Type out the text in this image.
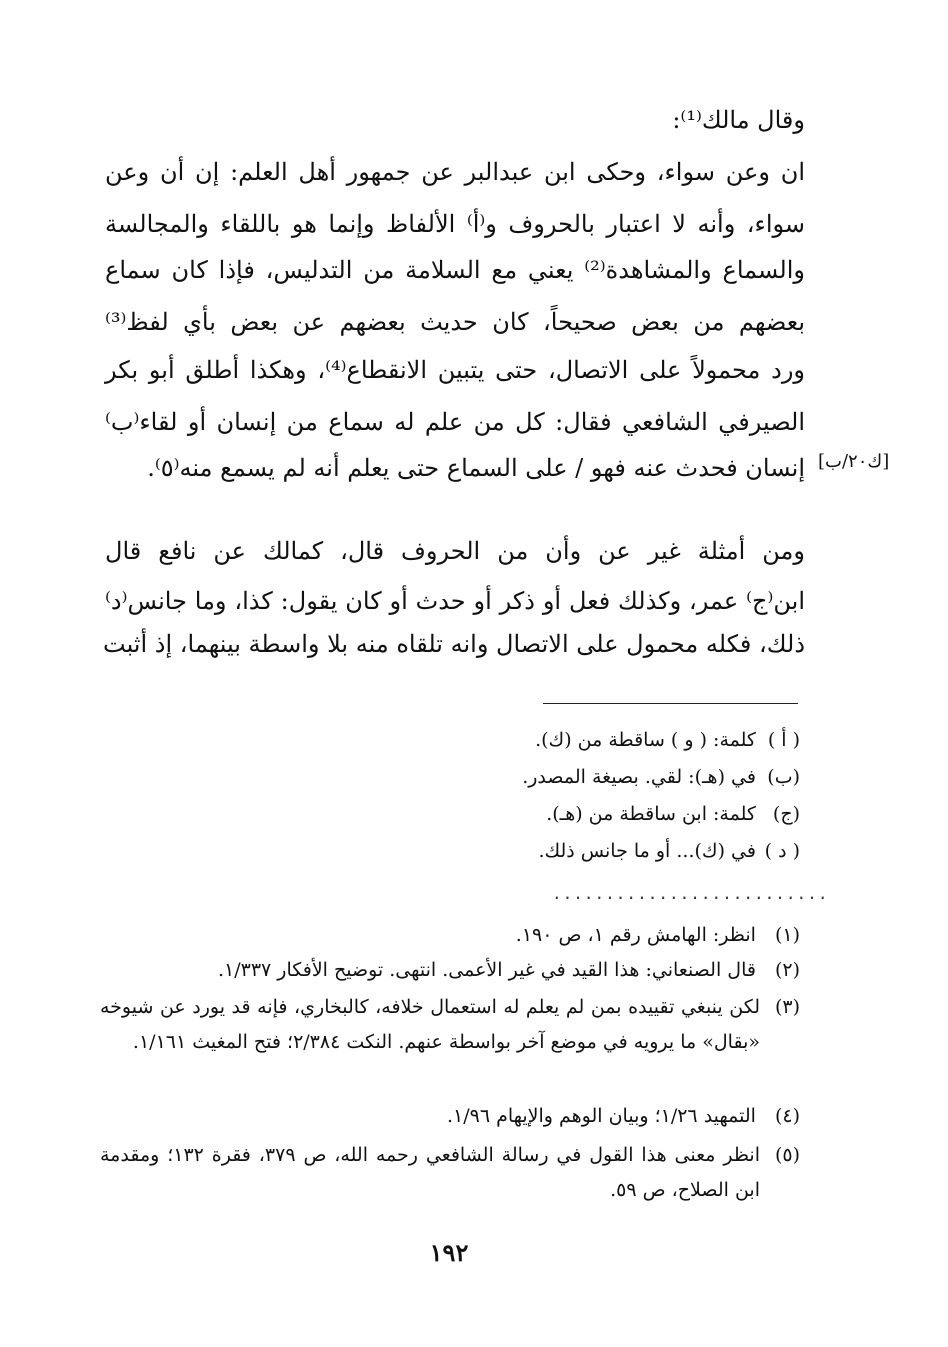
وقال مالك⁽¹⁾:
ان وعن سواء، وحكى ابن عبدالبر عن جمهور أهل العلم: إن أن وعن
سواء، وأنه لا اعتبار بالحروف و⁽أ⁾ الألفاظ وإنما هو باللقاء والمجالسة
والسماع والمشاهدة⁽²⁾ يعني مع السلامة من التدليس، فإذا كان سماع
بعضهم من بعض صحيحاً، كان حديث بعضهم عن بعض بأي لفظ⁽³⁾
ورد محمولاً على الاتصال، حتى يتبين الانقطاع⁽⁴⁾، وهكذا أطلق أبو بكر
الصيرفي الشافعي فقال: كل من علم له سماع من إنسان أو لقاء⁽ب⁾
إنسان فحدث عنه فهو / على السماع حتى يعلم أنه لم يسمع منه⁽٥⁾. [ك٢٠/ب]
ومن أمثلة غير عن وأن من الحروف قال، كمالك عن نافع قال
ابن⁽ج⁾ عمر، وكذلك فعل أو ذكر أو حدث أو كان يقول: كذا، وما جانس⁽د⁾
ذلك، فكله محمول على الاتصال وانه تلقاه منه بلا واسطة بينهما، إذ أثبت
( أ ) كلمة: ( و ) ساقطة من (ك).
(ب) في (هـ): لقي. بصيغة المصدر.
(ج) كلمة: ابن ساقطة من (هـ).
( د ) في (ك)... أو ما جانس ذلك.
..........................
(١) انظر: الهامش رقم ١، ص ١٩٠.
(٢) قال الصنعاني: هذا القيد في غير الأعمى. انتهى. توضيح الأفكار ١/٣٣٧.
(٣)
لكن ينبغي تقييده بمن لم يعلم له استعمال خلافه، كالبخاري، فإنه قد يورد عن شيوخه «بقال» ما يرويه في موضع آخر بواسطة عنهم. النكت ٢/٣٨٤؛ فتح المغيث ١/١٦١.
(٤) التمهيد ١/٢٦؛ وبيان الوهم والإيهام ١/٩٦.
(٥)
انظر معنى هذا القول في رسالة الشافعي رحمه الله، ص ٣٧٩، فقرة ١٣٢؛ ومقدمة ابن الصلاح، ص ٥٩.
١٩٢
